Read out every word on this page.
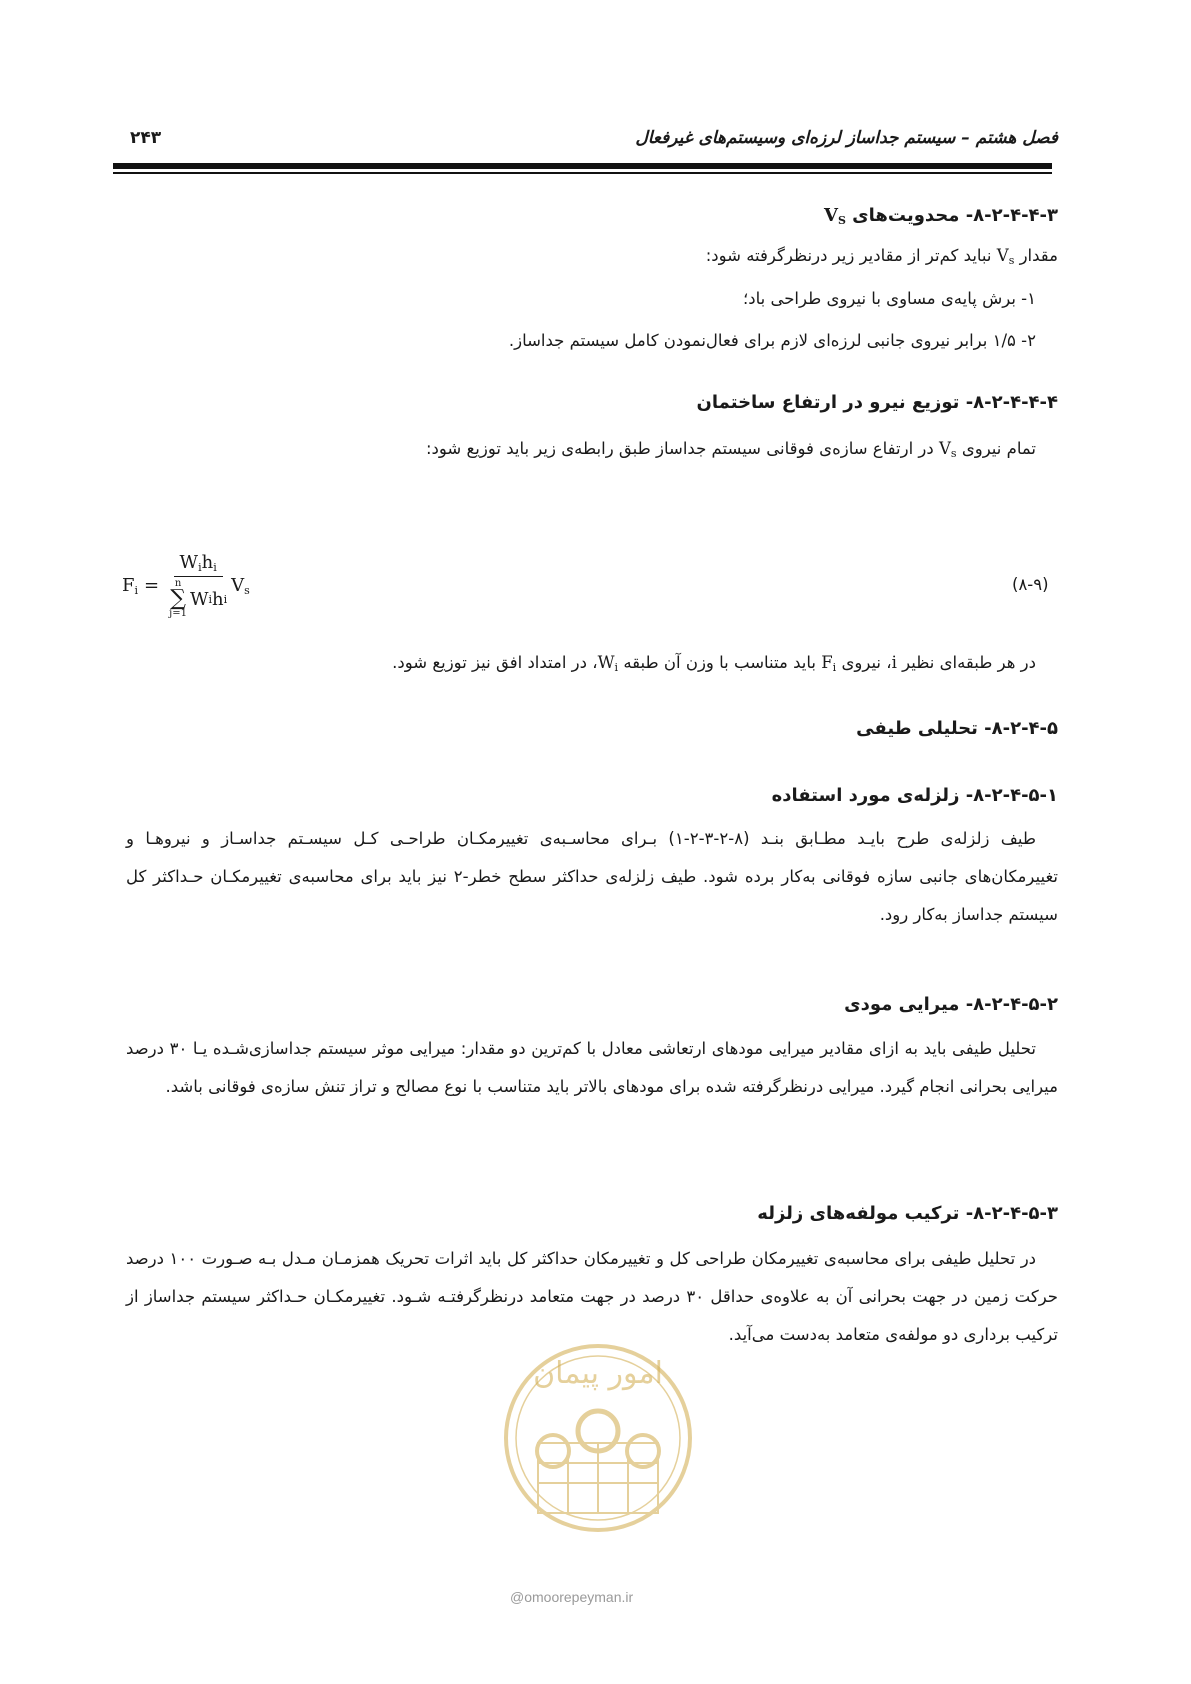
فصل هشتم – سیستم جداساز لرزه‌ای وسیستم‌های غیرفعال
۲۴۳
۸-۲-۴-۴-۳- محدویت‌های $V_S$
مقدار $V_s$ نباید کم‌تر از مقادیر زیر درنظرگرفته شود:
۱- برش پایه‌ی مساوی با نیروی طراحی باد؛
۲- ۱/۵ برابر نیروی جانبی لرزه‌ای لازم برای فعال‌نمودن کامل سیستم جداساز.
۸-۲-۴-۴-۴- توزیع نیرو در ارتفاع ساختمان
تمام نیروی $V_s$ در ارتفاع سازه‌ی فوقانی سیستم جداساز طبق رابطه‌ی زیر باید توزیع شود:
$F_i = W_ih_i$
n
∑
j=1
W i h i $V_s$	(۸-۹)
در هر طبقه‌ای نظیر i، نیروی $F_i$ باید متناسب با وزن آن طبقه $W_i،$ در امتداد افق نیز توزیع شود.
۸-۲-۴-۵- تحلیلی طیفی
۸-۲-۴-۵-۱- زلزله‌ی مورد استفاده
طیف زلزله‌ی طرح بایـد مطـابق بنـد (۸-۲-۳-۲-۱) بـرای محاسـبه‌ی تغییرمکـان طراحـی کـل سیسـتم جداسـاز و نیروهـا و تغییرمکان‌های جانبی سازه فوقانی به‌کار برده شود. طیف زلزله‌ی حداکثر سطح خطر-۲ نیز باید برای محاسبه‌ی تغییرمکـان حـداکثر کل سیستم جداساز به‌کار رود.
۸-۲-۴-۵-۲- میرایی مودی
تحلیل طیفی باید به ازای مقادیر میرایی مودهای ارتعاشی معادل با کم‌ترین دو مقدار: میرایی موثر سیستم جداسازی‌شـده یـا ۳۰ درصد میرایی بحرانی انجام گیرد. میرایی درنظرگرفته شده برای مودهای بالاتر باید متناسب با نوع مصالح و تراز تنش سازه‌ی فوقانی باشد.
۸-۲-۴-۵-۳- ترکیب مولفه‌های زلزله
در تحلیل طیفی برای محاسبه‌ی تغییرمکان طراحی کل و تغییرمکان حداکثر کل باید اثرات تحریک همزمـان مـدل بـه صـورت ۱۰۰ درصد حرکت زمین در جهت بحرانی آن به علاوه‌ی حداقل ۳۰ درصد در جهت متعامد درنظرگرفتـه شـود. تغییرمکـان حـداکثر سیستم جداساز از ترکیب برداری دو مولفه‌ی متعامد به‌دست می‌آید.
امور پیمان
@omoorepeyman.ir
